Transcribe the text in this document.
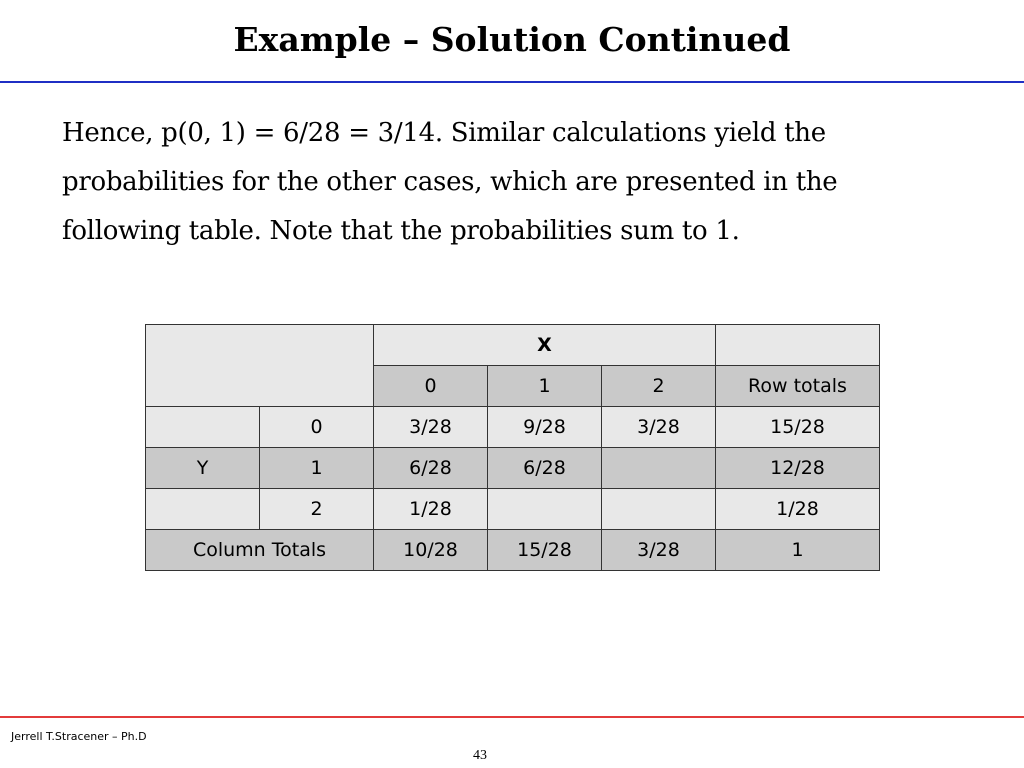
Example – Solution Continued

Hence, p(0, 1) = 6/28 = 3/14. Similar calculations yield the probabilities for the other cases, which are presented in the following table. Note that the probabilities sum to 1.

		X			
		0	1	2	Row totals
	0	3/28	9/28	3/28	15/28
Y	1	6/28	6/28		12/28
	2	1/28			1/28
Column Totals		10/28	15/28	3/28	1
Jerrell T.Stracener – Ph.D
43
